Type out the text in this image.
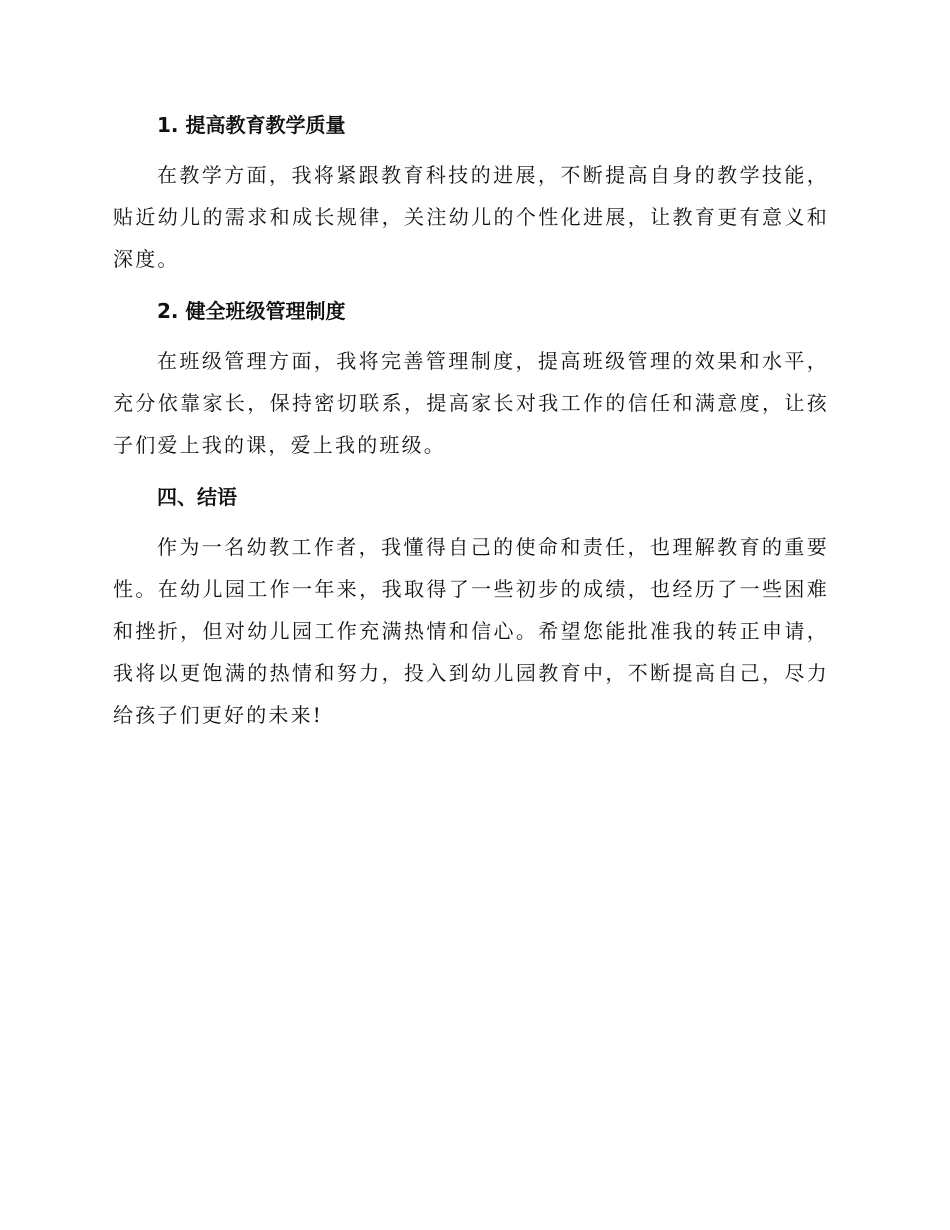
1. 提高教育教学质量

在教学方面，我将紧跟教育科技的进展，不断提高自身的教学技能，贴近幼儿的需求和成长规律，关注幼儿的个性化进展，让教育更有意义和深度。

2. 健全班级管理制度

在班级管理方面，我将完善管理制度，提高班级管理的效果和水平，充分依靠家长，保持密切联系，提高家长对我工作的信任和满意度，让孩子们爱上我的课，爱上我的班级。

四、结语

作为一名幼教工作者，我懂得自己的使命和责任，也理解教育的重要性。在幼儿园工作一年来，我取得了一些初步的成绩，也经历了一些困难和挫折，但对幼儿园工作充满热情和信心。希望您能批准我的转正申请，我将以更饱满的热情和努力，投入到幼儿园教育中，不断提高自己，尽力给孩子们更好的未来!
